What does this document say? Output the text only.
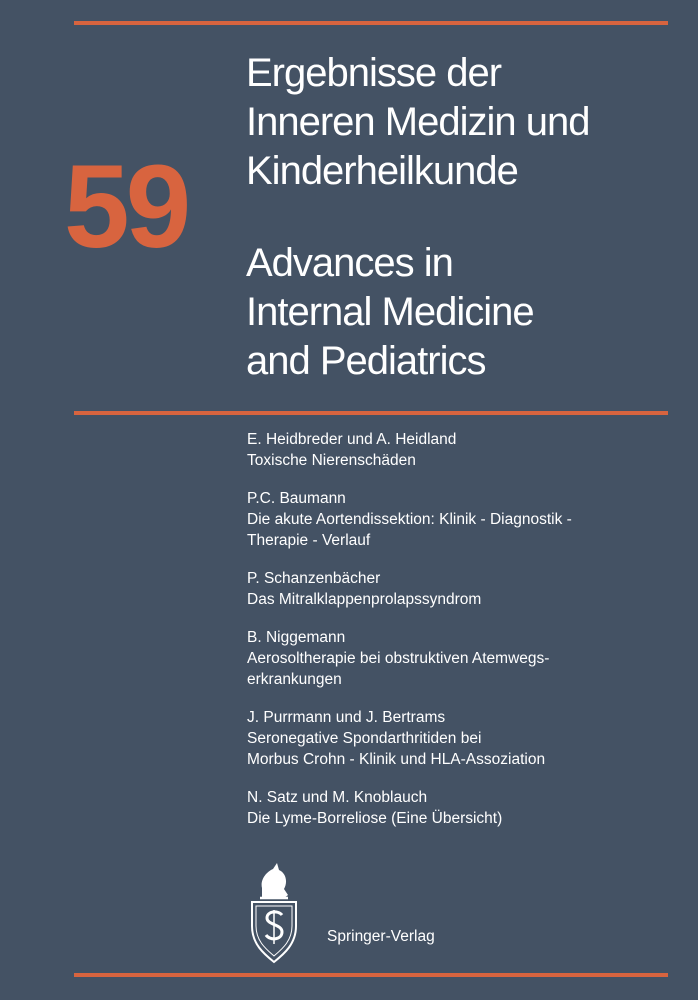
59
Ergebnisse der
Inneren Medizin und
Kinderheilkunde
Advances in
Internal Medicine
and Pediatrics
E. Heidbreder und A. Heidland
Toxische Nierenschäden
P.C. Baumann
Die akute Aortendissektion: Klinik - Diagnostik -
Therapie - Verlauf
P. Schanzenbächer
Das Mitralklappenprolapssyndrom
B. Niggemann
Aerosoltherapie bei obstruktiven Atemwegs-
erkrankungen
J. Purrmann und J. Bertrams
Seronegative Spondarthritiden bei
Morbus Crohn - Klinik und HLA-Assoziation
N. Satz und M. Knoblauch
Die Lyme-Borreliose (Eine Übersicht)
Springer-Verlag
